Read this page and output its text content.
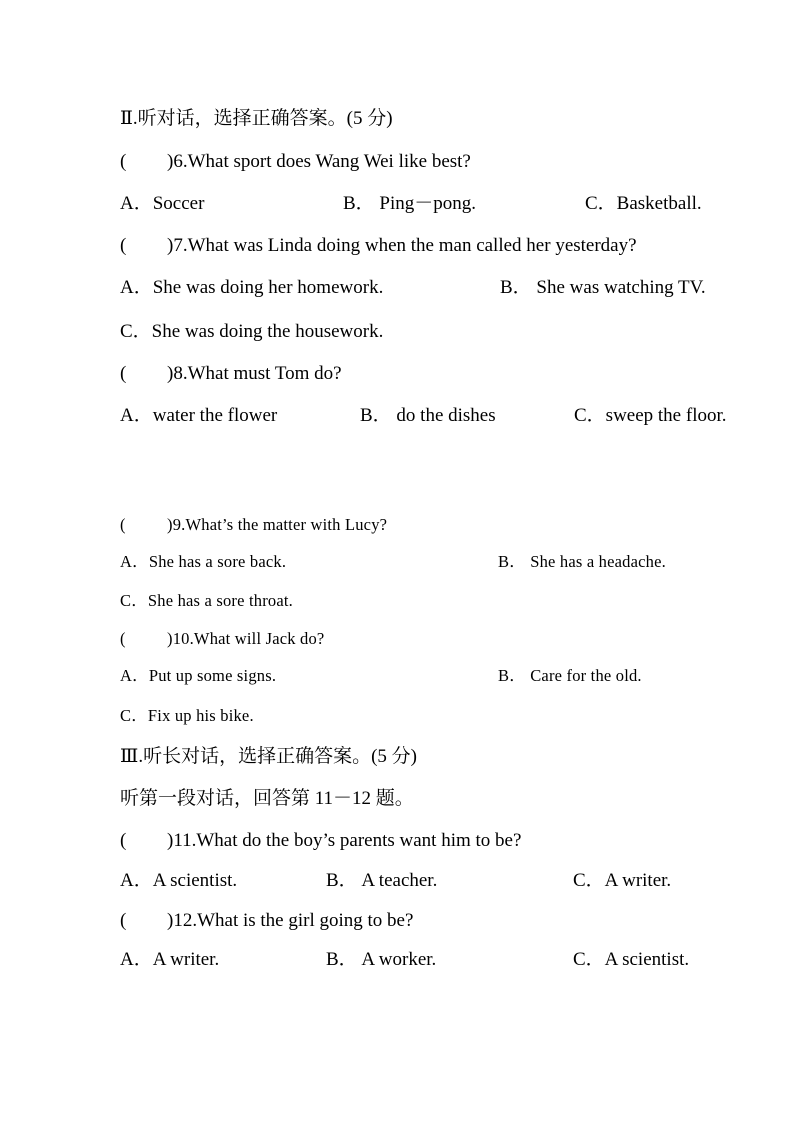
Ⅱ.听对话，选择正确答案。(5 分)
( )6.What sport does Wang Wei like best?
A．Soccer	B． Ping－pong.	C．Basketball.
( )7.What was Linda doing when the man called her yesterday?
A．She was doing her homework.	B． She was watching TV.
C．She was doing the housework.
( )8.What must Tom do?
A．water the flower	B． do the dishes	C．sweep the floor.
(	)9.What’s the matter with Lucy?
A．She has a sore back.	B． She has a headache.
C．She has a sore throat.
(	)10.What will Jack do?
A．Put up some signs.	B． Care for the old.
C．Fix up his bike.
Ⅲ.听长对话，选择正确答案。(5 分)
听第一段对话，回答第 11－12 题。
( )11.What do the boy’s parents want him to be?
A．A scientist.	B． A teacher.	C．A writer.
( )12.What is the girl going to be?
A．A writer.	B． A worker.	C．A scientist.
